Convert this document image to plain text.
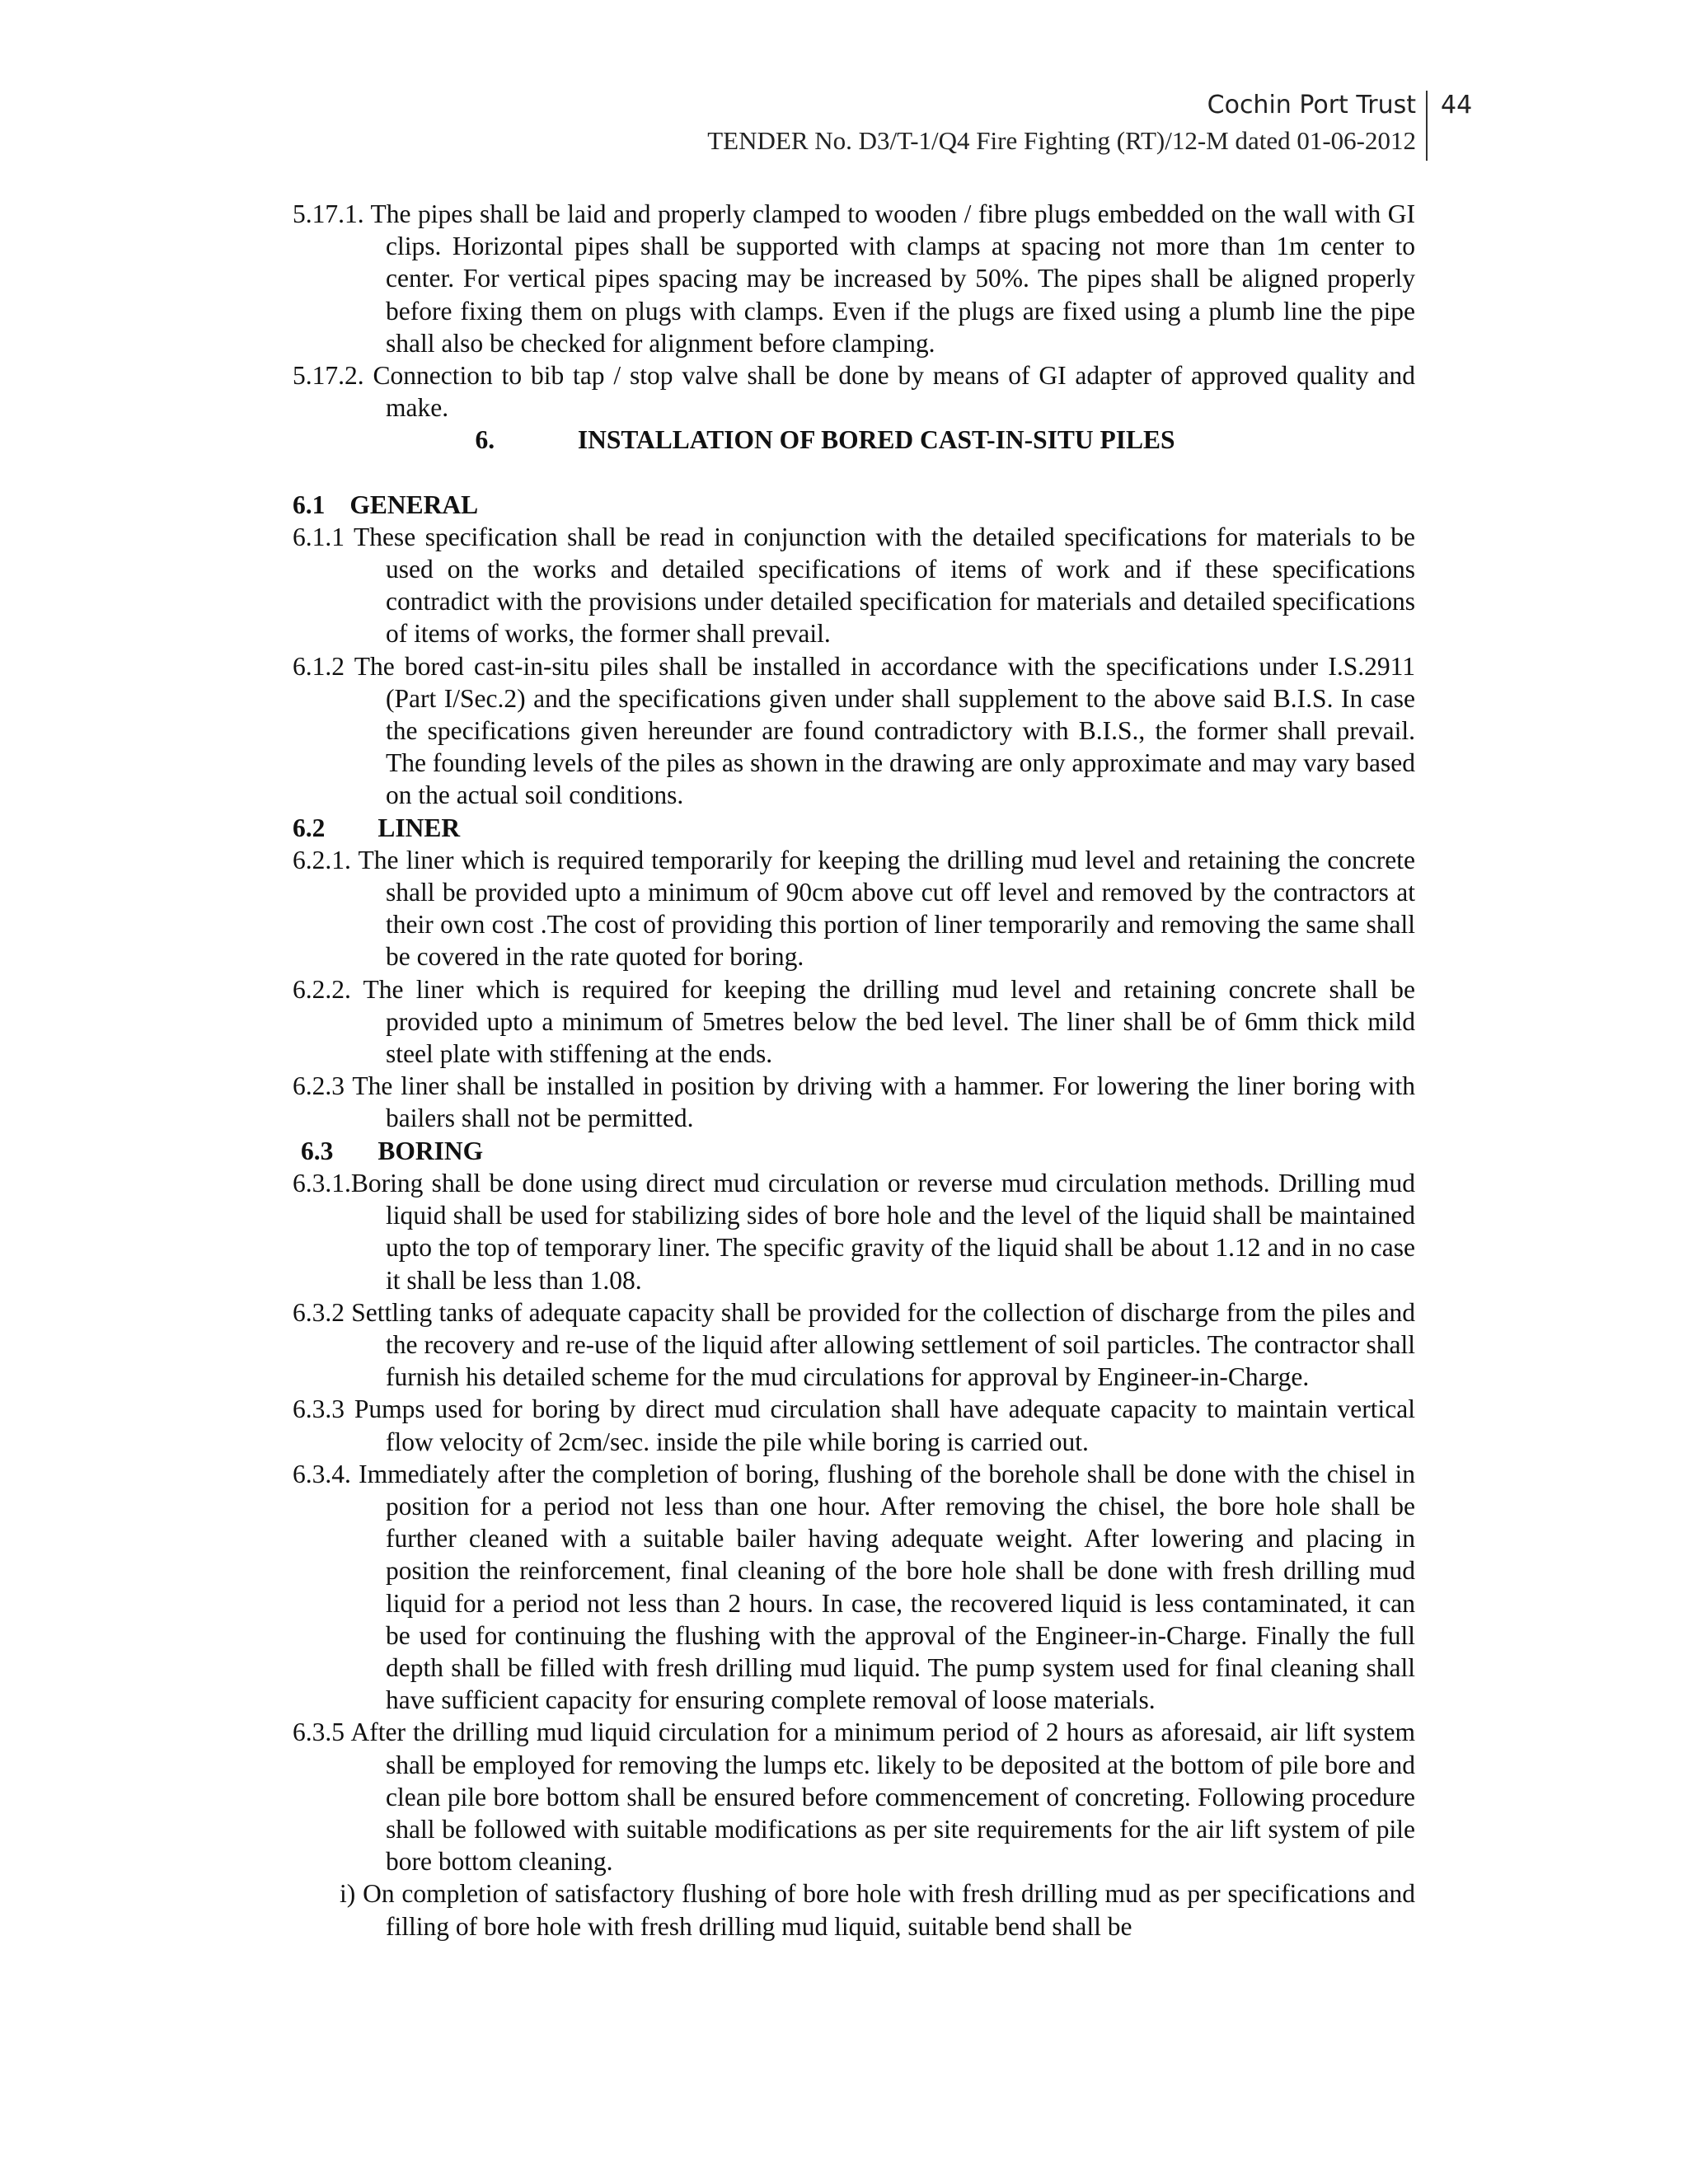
Cochin Port Trust
TENDER No. D3/T-1/Q4 Fire Fighting (RT)/12-M dated 01-06-2012
44
5.17.1. The pipes shall be laid and properly clamped to wooden / fibre plugs embedded on the wall with GI clips. Horizontal pipes shall be supported with clamps at spacing not more than 1m center to center. For vertical pipes spacing may be increased by 50%. The pipes shall be aligned properly before fixing them on plugs with clamps. Even if the plugs are fixed using a plumb line the pipe shall also be checked for alignment before clamping.
5.17.2. Connection to bib tap / stop valve shall be done by means of GI adapter of approved quality and make.
6.	INSTALLATION OF BORED CAST-IN-SITU PILES
6.1 GENERAL
6.1.1 These specification shall be read in conjunction with the detailed specifications for materials to be used on the works and detailed specifications of items of work and if these specifications contradict with the provisions under detailed specification for materials and detailed specifications of items of works, the former shall prevail.
6.1.2 The bored cast-in-situ piles shall be installed in accordance with the specifications under I.S.2911 (Part I/Sec.2) and the specifications given under shall supplement to the above said B.I.S. In case the specifications given hereunder are found contradictory with B.I.S., the former shall prevail. The founding levels of the piles as shown in the drawing are only approximate and may vary based on the actual soil conditions.
6.2 LINER
6.2.1. The liner which is required temporarily for keeping the drilling mud level and retaining the concrete shall be provided upto a minimum of 90cm above cut off level and removed by the contractors at their own cost .The cost of providing this portion of liner temporarily and removing the same shall be covered in the rate quoted for boring.
6.2.2. The liner which is required for keeping the drilling mud level and retaining concrete shall be provided upto a minimum of 5metres below the bed level. The liner shall be of 6mm thick mild steel plate with stiffening at the ends.
6.2.3 The liner shall be installed in position by driving with a hammer. For lowering the liner boring with bailers shall not be permitted.
6.3 BORING
6.3.1.Boring shall be done using direct mud circulation or reverse mud circulation methods. Drilling mud liquid shall be used for stabilizing sides of bore hole and the level of the liquid shall be maintained upto the top of temporary liner. The specific gravity of the liquid shall be about 1.12 and in no case it shall be less than 1.08.
6.3.2 Settling tanks of adequate capacity shall be provided for the collection of discharge from the piles and the recovery and re-use of the liquid after allowing settlement of soil particles. The contractor shall furnish his detailed scheme for the mud circulations for approval by Engineer-in-Charge.
6.3.3 Pumps used for boring by direct mud circulation shall have adequate capacity to maintain vertical flow velocity of 2cm/sec. inside the pile while boring is carried out.
6.3.4. Immediately after the completion of boring, flushing of the borehole shall be done with the chisel in position for a period not less than one hour. After removing the chisel, the bore hole shall be further cleaned with a suitable bailer having adequate weight. After lowering and placing in position the reinforcement, final cleaning of the bore hole shall be done with fresh drilling mud liquid for a period not less than 2 hours. In case, the recovered liquid is less contaminated, it can be used for continuing the flushing with the approval of the Engineer-in-Charge. Finally the full depth shall be filled with fresh drilling mud liquid. The pump system used for final cleaning shall have sufficient capacity for ensuring complete removal of loose materials.
6.3.5 After the drilling mud liquid circulation for a minimum period of 2 hours as aforesaid, air lift system shall be employed for removing the lumps etc. likely to be deposited at the bottom of pile bore and clean pile bore bottom shall be ensured before commencement of concreting. Following procedure shall be followed with suitable modifications as per site requirements for the air lift system of pile bore bottom cleaning.
i) On completion of satisfactory flushing of bore hole with fresh drilling mud as per specifications and filling of bore hole with fresh drilling mud liquid, suitable bend shall be
